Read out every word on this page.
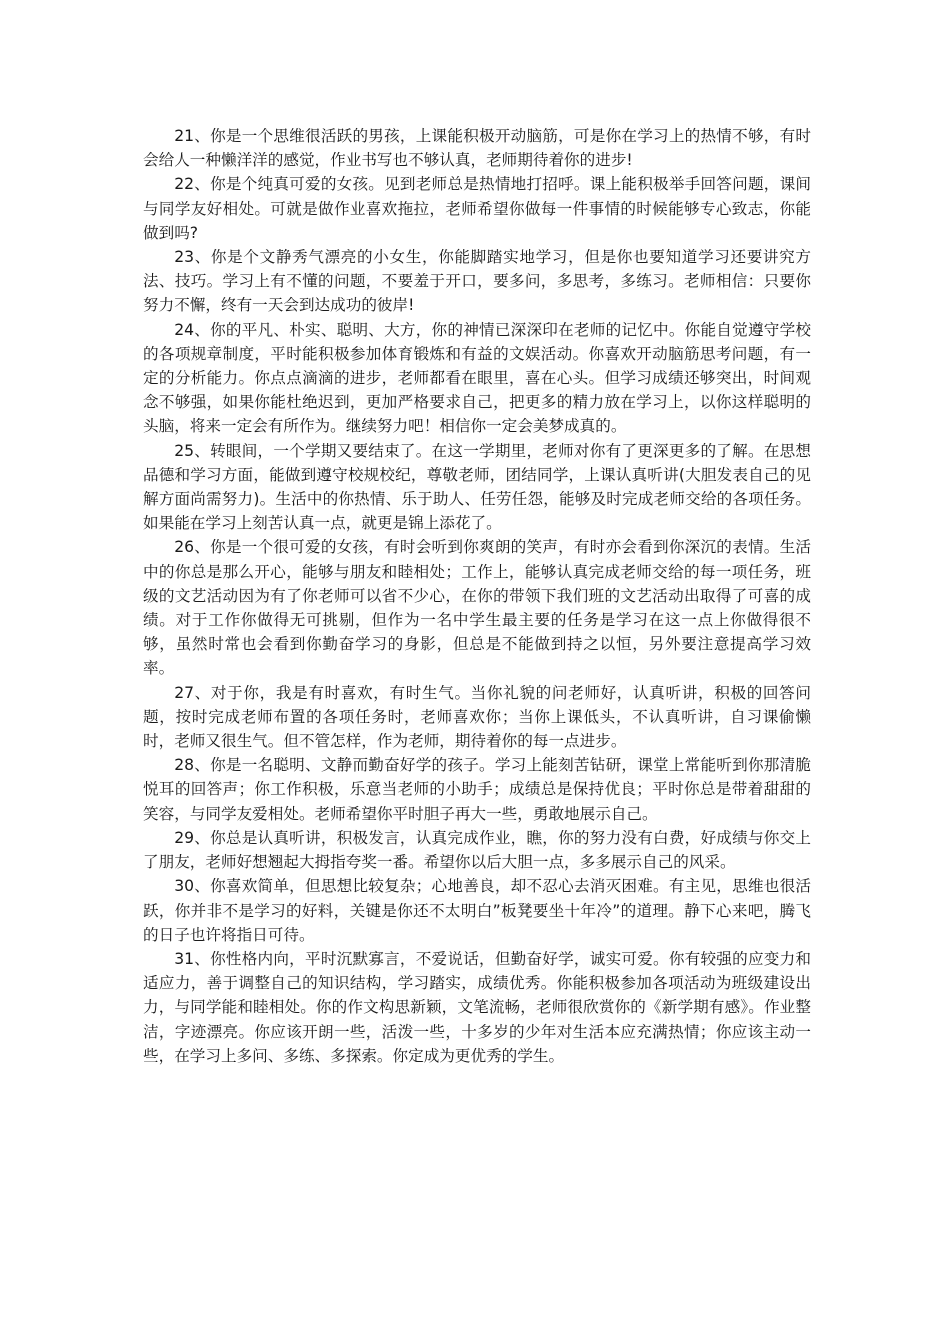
21、你是一个思维很活跃的男孩，上课能积极开动脑筋，可是你在学习上的热情不够，有时会给人一种懒洋洋的感觉，作业书写也不够认真，老师期待着你的进步!

22、你是个纯真可爱的女孩。见到老师总是热情地打招呼。课上能积极举手回答问题，课间与同学友好相处。可就是做作业喜欢拖拉，老师希望你做每一件事情的时候能够专心致志，你能做到吗?

23、你是个文静秀气漂亮的小女生，你能脚踏实地学习，但是你也要知道学习还要讲究方法、技巧。学习上有不懂的问题，不要羞于开口，要多问，多思考，多练习。老师相信：只要你努力不懈，终有一天会到达成功的彼岸!

24、你的平凡、朴实、聪明、大方，你的神情已深深印在老师的记忆中。你能自觉遵守学校的各项规章制度，平时能积极参加体育锻炼和有益的文娱活动。你喜欢开动脑筋思考问题，有一定的分析能力。你点点滴滴的进步，老师都看在眼里，喜在心头。但学习成绩还够突出，时间观念不够强，如果你能杜绝迟到，更加严格要求自己，把更多的精力放在学习上，以你这样聪明的头脑，将来一定会有所作为。继续努力吧！相信你一定会美梦成真的。

25、转眼间，一个学期又要结束了。在这一学期里，老师对你有了更深更多的了解。在思想品德和学习方面，能做到遵守校规校纪，尊敬老师，团结同学，上课认真听讲(大胆发表自己的见解方面尚需努力)。生活中的你热情、乐于助人、任劳任怨，能够及时完成老师交给的各项任务。如果能在学习上刻苦认真一点，就更是锦上添花了。

26、你是一个很可爱的女孩，有时会听到你爽朗的笑声，有时亦会看到你深沉的表情。生活中的你总是那么开心，能够与朋友和睦相处；工作上，能够认真完成老师交给的每一项任务，班级的文艺活动因为有了你老师可以省不少心，在你的带领下我们班的文艺活动出取得了可喜的成绩。对于工作你做得无可挑剔，但作为一名中学生最主要的任务是学习在这一点上你做得很不够，虽然时常也会看到你勤奋学习的身影，但总是不能做到持之以恒，另外要注意提高学习效率。

27、对于你，我是有时喜欢，有时生气。当你礼貌的问老师好，认真听讲，积极的回答问题，按时完成老师布置的各项任务时，老师喜欢你；当你上课低头，不认真听讲，自习课偷懒时，老师又很生气。但不管怎样，作为老师，期待着你的每一点进步。

28、你是一名聪明、文静而勤奋好学的孩子。学习上能刻苦钻研，课堂上常能听到你那清脆悦耳的回答声；你工作积极，乐意当老师的小助手；成绩总是保持优良；平时你总是带着甜甜的笑容，与同学友爱相处。老师希望你平时胆子再大一些，勇敢地展示自己。

29、你总是认真听讲，积极发言，认真完成作业，瞧，你的努力没有白费，好成绩与你交上了朋友，老师好想翘起大拇指夸奖一番。希望你以后大胆一点，多多展示自己的风采。

30、你喜欢简单，但思想比较复杂；心地善良，却不忍心去消灭困难。有主见，思维也很活跃，你并非不是学习的好料，关键是你还不太明白”板凳要坐十年冷”的道理。静下心来吧，腾飞的日子也许将指日可待。

31、你性格内向，平时沉默寡言，不爱说话，但勤奋好学，诚实可爱。你有较强的应变力和适应力，善于调整自己的知识结构，学习踏实，成绩优秀。你能积极参加各项活动为班级建设出力，与同学能和睦相处。你的作文构思新颖，文笔流畅，老师很欣赏你的《新学期有感》。作业整洁，字迹漂亮。你应该开朗一些，活泼一些，十多岁的少年对生活本应充满热情；你应该主动一些，在学习上多问、多练、多探索。你定成为更优秀的学生。
